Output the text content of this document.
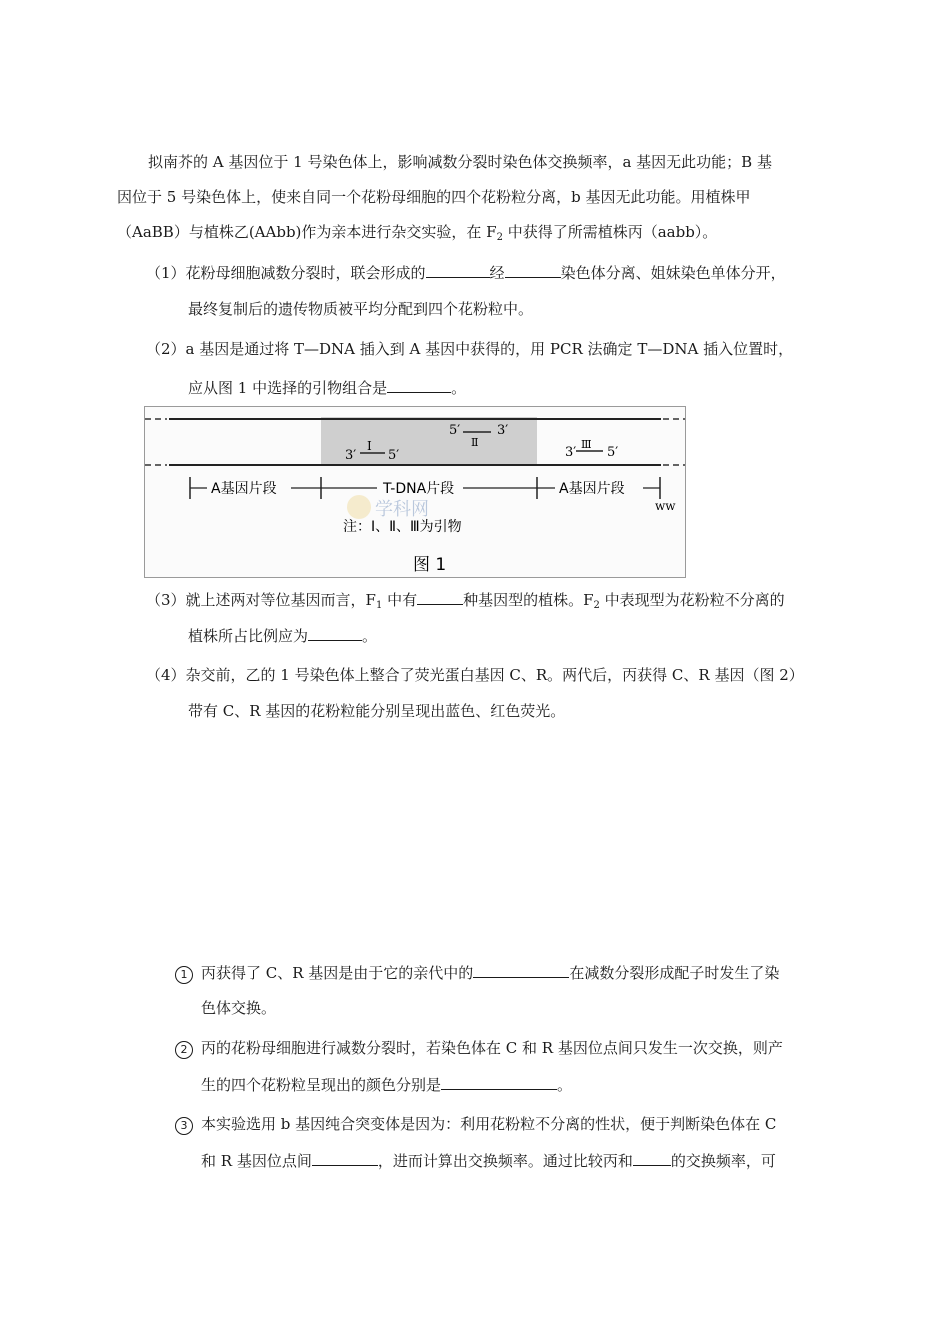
拟南芥的 A 基因位于 1 号染色体上，影响减数分裂时染色体交换频率，a 基因无此功能；B 基
因位于 5 号染色体上，使来自同一个花粉母细胞的四个花粉粒分离，b 基因无此功能。用植株甲
（AaBB）与植株乙(AAbb)作为亲本进行杂交实验，在 $F_2$ 中获得了所需植株丙（aabb）。
（1）花粉母细胞减数分裂时，联会形成的	经	染色体分离、姐妹染色单体分开，
最终复制后的遗传物质被平均分配到四个花粉粒中。
（2）a 基因是通过将 T—DNA 插入到 A 基因中获得的，用 PCR 法确定 T—DNA 插入位置时，
应从图 1 中选择的引物组合是	。
3′
Ⅰ
5′
5′
Ⅱ
3′
3′
Ⅲ
5′
A基因片段	T-DNA片段	A基因片段
学科网	ww
注：Ⅰ、Ⅱ、Ⅲ为引物
图 1
（3）就上述两对等位基因而言，$F_1$ 中有	种基因型的植株。$F_2$ 中表现型为花粉粒不分离的
植株所占比例应为	。
（4）杂交前，乙的 1 号染色体上整合了荧光蛋白基因 C、R。两代后，丙获得 C、R 基因（图 2）
带有 C、R 基因的花粉粒能分别呈现出蓝色、红色荧光。
1 丙获得了 C、R 基因是由于它的亲代中的	在减数分裂形成配子时发生了染
色体交换。
2 丙的花粉母细胞进行减数分裂时，若染色体在 C 和 R 基因位点间只发生一次交换，则产
生的四个花粉粒呈现出的颜色分别是	。
3 本实验选用 b 基因纯合突变体是因为：利用花粉粒不分离的性状，便于判断染色体在 C
和 R 基因位点间	，进而计算出交换频率。通过比较丙和	的交换频率，可
